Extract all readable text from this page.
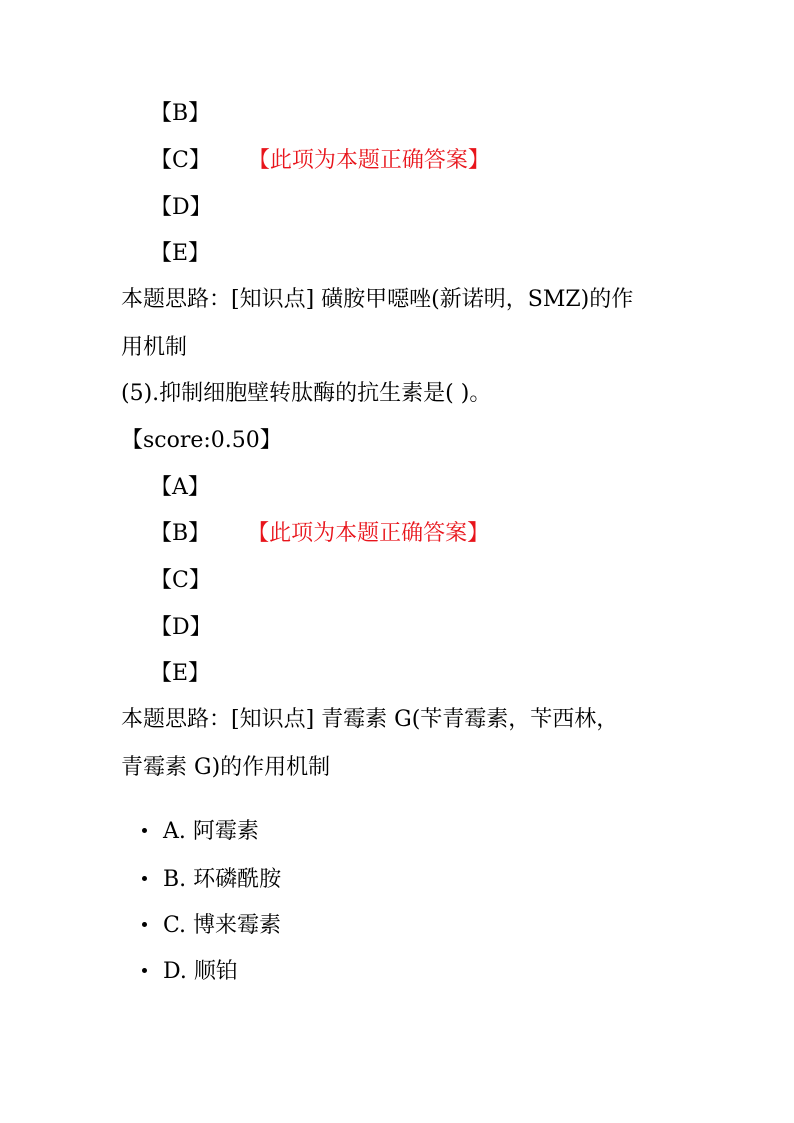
【B】
【C】 【此项为本题正确答案】
【D】
【E】
本题思路：[知识点] 磺胺甲噁唑(新诺明，SMZ)的作
用机制
(5).抑制细胞壁转肽酶的抗生素是( )。
【score:0.50】
【A】
【B】 【此项为本题正确答案】
【C】
【D】
【E】
本题思路：[知识点] 青霉素 G(苄青霉素，苄西林，
青霉素 G)的作用机制
A. 阿霉素
B. 环磷酰胺
C. 博来霉素
D. 顺铂
